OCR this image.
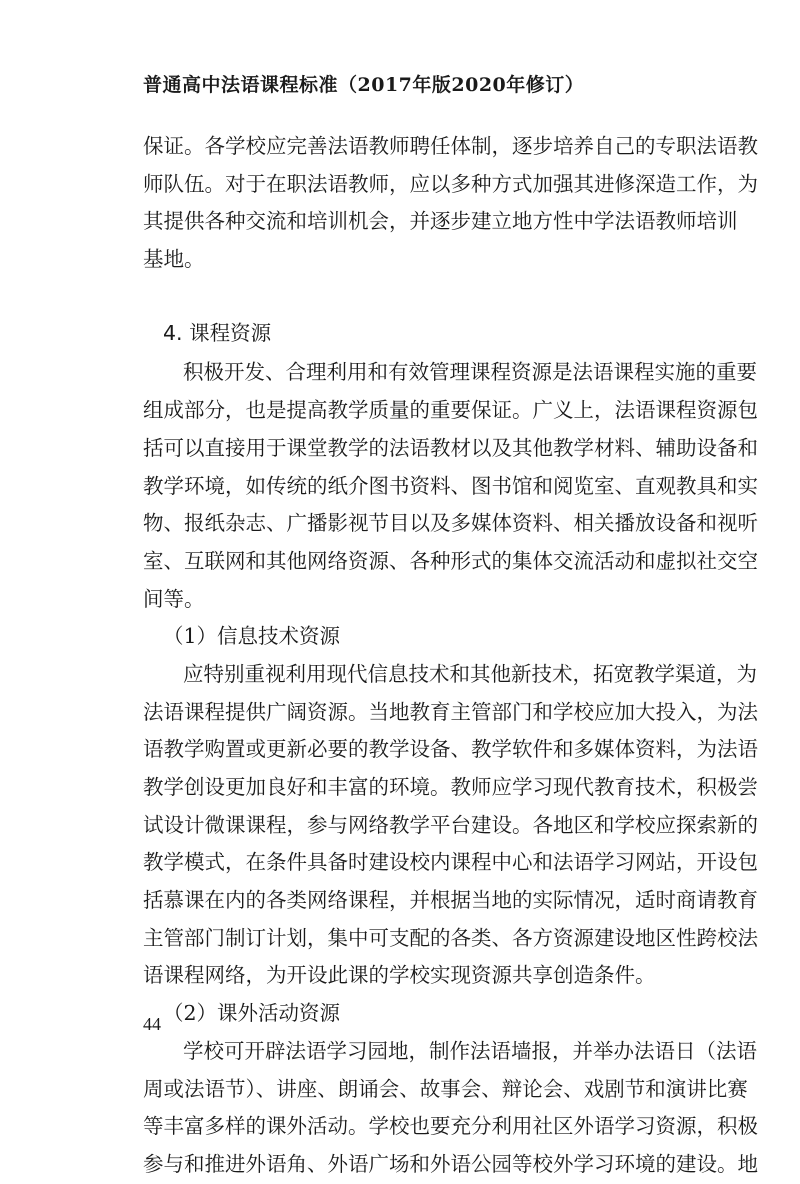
普通高中法语课程标准（2017年版2020年修订）
保证。各学校应完善法语教师聘任体制，逐步培养自己的专职法语教
师队伍。对于在职法语教师，应以多种方式加强其进修深造工作，为
其提供各种交流和培训机会，并逐步建立地方性中学法语教师培训
基地。
4. 课程资源
积极开发、合理利用和有效管理课程资源是法语课程实施的重要
组成部分，也是提高教学质量的重要保证。广义上，法语课程资源包
括可以直接用于课堂教学的法语教材以及其他教学材料、辅助设备和
教学环境，如传统的纸介图书资料、图书馆和阅览室、直观教具和实
物、报纸杂志、广播影视节目以及多媒体资料、相关播放设备和视听
室、互联网和其他网络资源、各种形式的集体交流活动和虚拟社交空
间等。
（1）信息技术资源
应特别重视利用现代信息技术和其他新技术，拓宽教学渠道，为
法语课程提供广阔资源。当地教育主管部门和学校应加大投入，为法
语教学购置或更新必要的教学设备、教学软件和多媒体资料，为法语
教学创设更加良好和丰富的环境。教师应学习现代教育技术，积极尝
试设计微课课程，参与网络教学平台建设。各地区和学校应探索新的
教学模式，在条件具备时建设校内课程中心和法语学习网站，开设包
括慕课在内的各类网络课程，并根据当地的实际情况，适时商请教育
主管部门制订计划，集中可支配的各类、各方资源建设地区性跨校法
语课程网络，为开设此课的学校实现资源共享创造条件。
（2）课外活动资源
学校可开辟法语学习园地，制作法语墙报，并举办法语日（法语
周或法语节）、讲座、朗诵会、故事会、辩论会、戏剧节和演讲比赛
等丰富多样的课外活动。学校也要充分利用社区外语学习资源，积极
参与和推进外语角、外语广场和外语公园等校外学习环境的建设。地
44
